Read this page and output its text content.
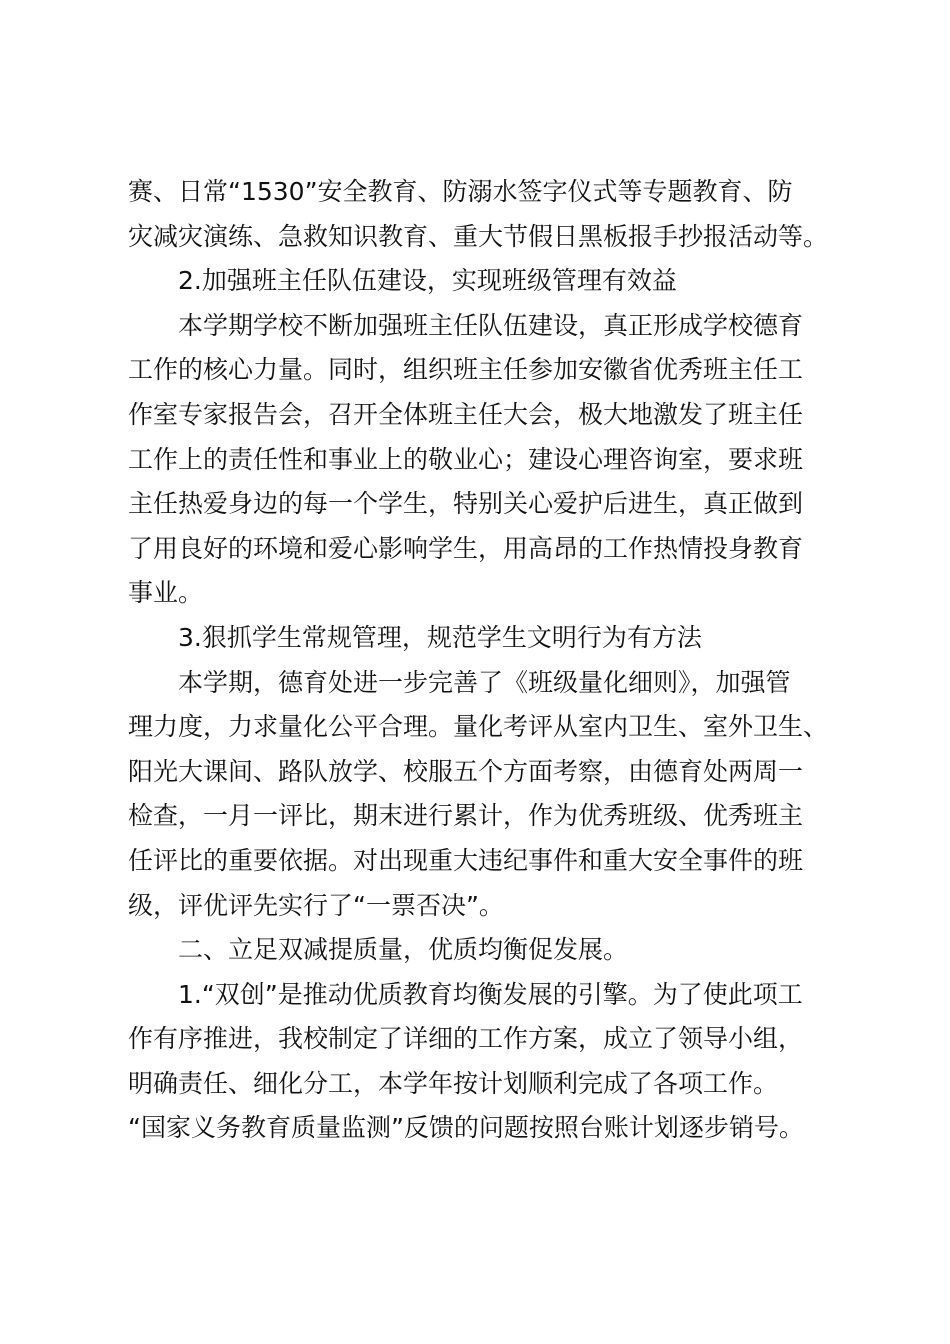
赛、日常“1530”安全教育、防溺水签字仪式等专题教育、防
灾减灾演练、急救知识教育、重大节假日黑板报手抄报活动等。
2.加强班主任队伍建设，实现班级管理有效益
本学期学校不断加强班主任队伍建设，真正形成学校德育
工作的核心力量。同时，组织班主任参加安徽省优秀班主任工
作室专家报告会，召开全体班主任大会，极大地激发了班主任
工作上的责任性和事业上的敬业心；建设心理咨询室，要求班
主任热爱身边的每一个学生，特别关心爱护后进生，真正做到
了用良好的环境和爱心影响学生，用高昂的工作热情投身教育
事业。
3.狠抓学生常规管理，规范学生文明行为有方法
本学期，德育处进一步完善了《班级量化细则》，加强管
理力度，力求量化公平合理。量化考评从室内卫生、室外卫生、
阳光大课间、路队放学、校服五个方面考察，由德育处两周一
检查，一月一评比，期末进行累计，作为优秀班级、优秀班主
任评比的重要依据。对出现重大违纪事件和重大安全事件的班
级，评优评先实行了“一票否决”。
二、立足双减提质量，优质均衡促发展。
1.“双创”是推动优质教育均衡发展的引擎。为了使此项工
作有序推进，我校制定了详细的工作方案，成立了领导小组，
明确责任、细化分工，本学年按计划顺利完成了各项工作。
“国家义务教育质量监测”反馈的问题按照台账计划逐步销号。
